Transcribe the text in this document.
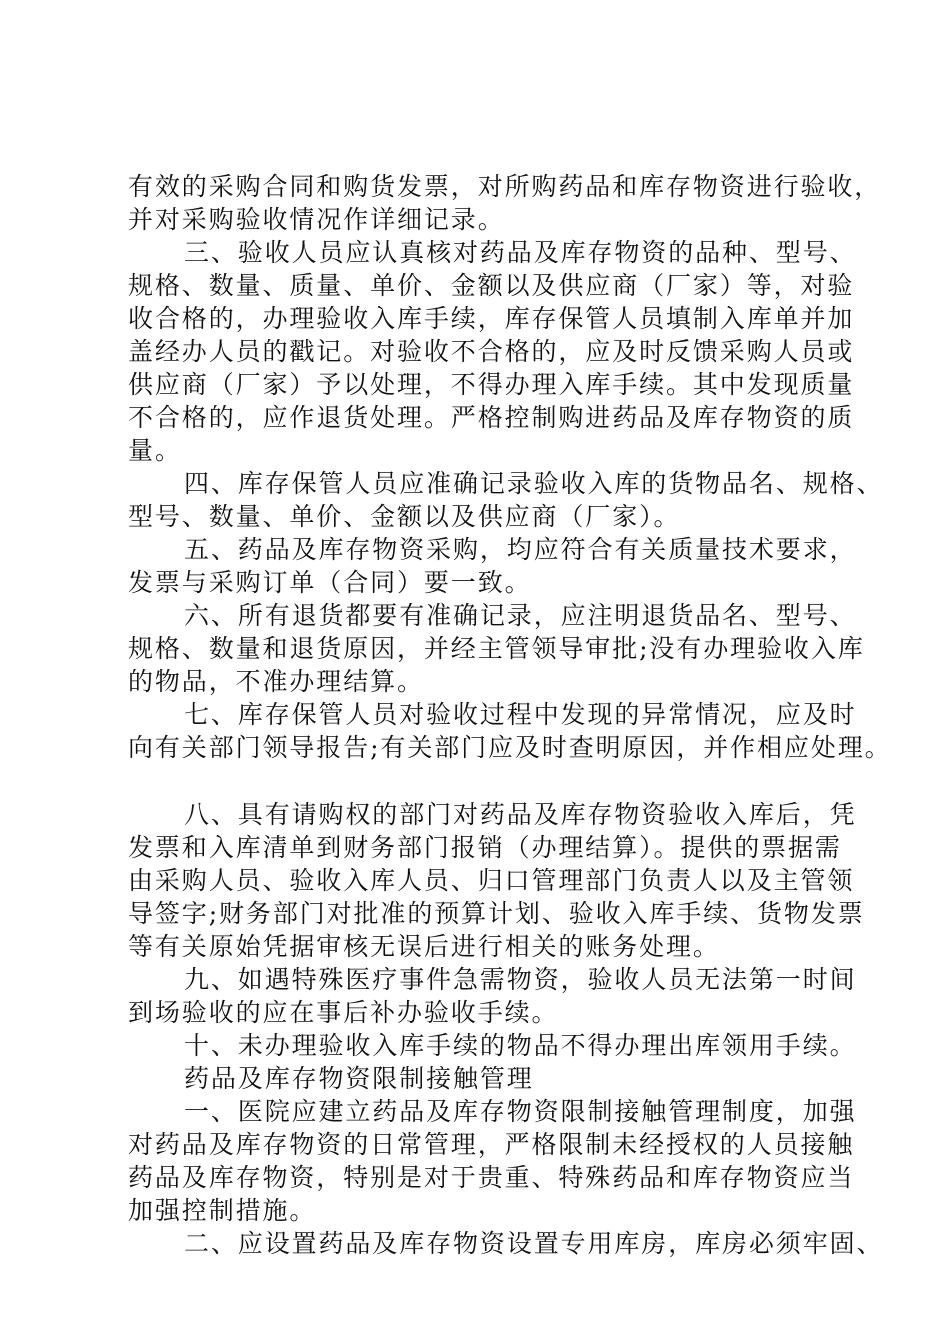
有效的采购合同和购货发票，对所购药品和库存物资进行验收，
并对采购验收情况作详细记录。
三、验收人员应认真核对药品及库存物资的品种、型号、
规格、数量、质量、单价、金额以及供应商（厂家）等，对验
收合格的，办理验收入库手续，库存保管人员填制入库单并加
盖经办人员的戳记。对验收不合格的，应及时反馈采购人员或
供应商（厂家）予以处理，不得办理入库手续。其中发现质量
不合格的，应作退货处理。严格控制购进药品及库存物资的质
量。
四、库存保管人员应准确记录验收入库的货物品名、规格、
型号、数量、单价、金额以及供应商（厂家）。
五、药品及库存物资采购，均应符合有关质量技术要求，
发票与采购订单（合同）要一致。
六、所有退货都要有准确记录，应注明退货品名、型号、
规格、数量和退货原因，并经主管领导审批;没有办理验收入库
的物品，不准办理结算。
七、库存保管人员对验收过程中发现的异常情况，应及时
向有关部门领导报告;有关部门应及时查明原因，并作相应处理。
八、具有请购权的部门对药品及库存物资验收入库后，凭
发票和入库清单到财务部门报销（办理结算）。提供的票据需
由采购人员、验收入库人员、归口管理部门负责人以及主管领
导签字;财务部门对批准的预算计划、验收入库手续、货物发票
等有关原始凭据审核无误后进行相关的账务处理。
九、如遇特殊医疗事件急需物资，验收人员无法第一时间
到场验收的应在事后补办验收手续。
十、未办理验收入库手续的物品不得办理出库领用手续。
药品及库存物资限制接触管理
一、医院应建立药品及库存物资限制接触管理制度，加强
对药品及库存物资的日常管理，严格限制未经授权的人员接触
药品及库存物资，特别是对于贵重、特殊药品和库存物资应当
加强控制措施。
二、应设置药品及库存物资设置专用库房，库房必须牢固、
